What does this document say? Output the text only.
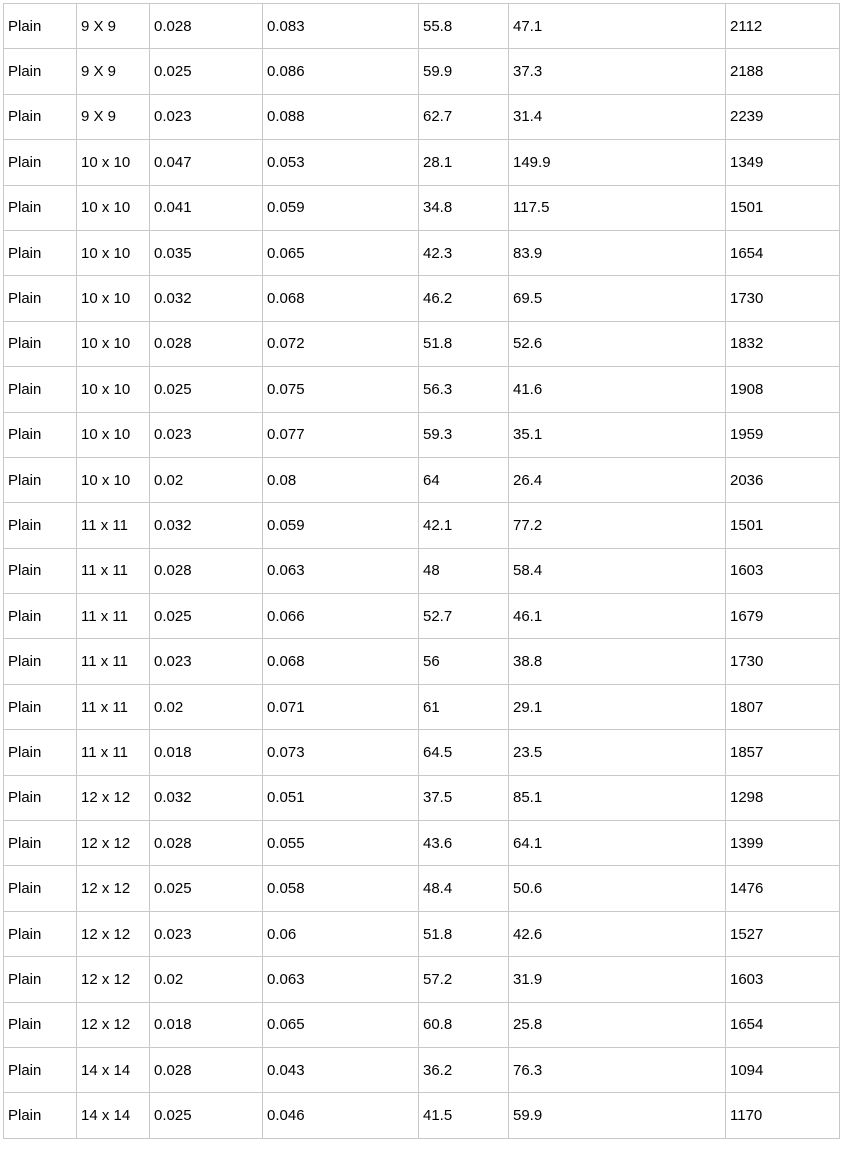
Plain	9 X 9	0.028	0.083	55.8	47.1	2112
Plain	9 X 9	0.025	0.086	59.9	37.3	2188
Plain	9 X 9	0.023	0.088	62.7	31.4	2239
Plain	10 x 10	0.047	0.053	28.1	149.9	1349
Plain	10 x 10	0.041	0.059	34.8	117.5	1501
Plain	10 x 10	0.035	0.065	42.3	83.9	1654
Plain	10 x 10	0.032	0.068	46.2	69.5	1730
Plain	10 x 10	0.028	0.072	51.8	52.6	1832
Plain	10 x 10	0.025	0.075	56.3	41.6	1908
Plain	10 x 10	0.023	0.077	59.3	35.1	1959
Plain	10 x 10	0.02	0.08	64	26.4	2036
Plain	11 x 11	0.032	0.059	42.1	77.2	1501
Plain	11 x 11	0.028	0.063	48	58.4	1603
Plain	11 x 11	0.025	0.066	52.7	46.1	1679
Plain	11 x 11	0.023	0.068	56	38.8	1730
Plain	11 x 11	0.02	0.071	61	29.1	1807
Plain	11 x 11	0.018	0.073	64.5	23.5	1857
Plain	12 x 12	0.032	0.051	37.5	85.1	1298
Plain	12 x 12	0.028	0.055	43.6	64.1	1399
Plain	12 x 12	0.025	0.058	48.4	50.6	1476
Plain	12 x 12	0.023	0.06	51.8	42.6	1527
Plain	12 x 12	0.02	0.063	57.2	31.9	1603
Plain	12 x 12	0.018	0.065	60.8	25.8	1654
Plain	14 x 14	0.028	0.043	36.2	76.3	1094
Plain	14 x 14	0.025	0.046	41.5	59.9	1170
